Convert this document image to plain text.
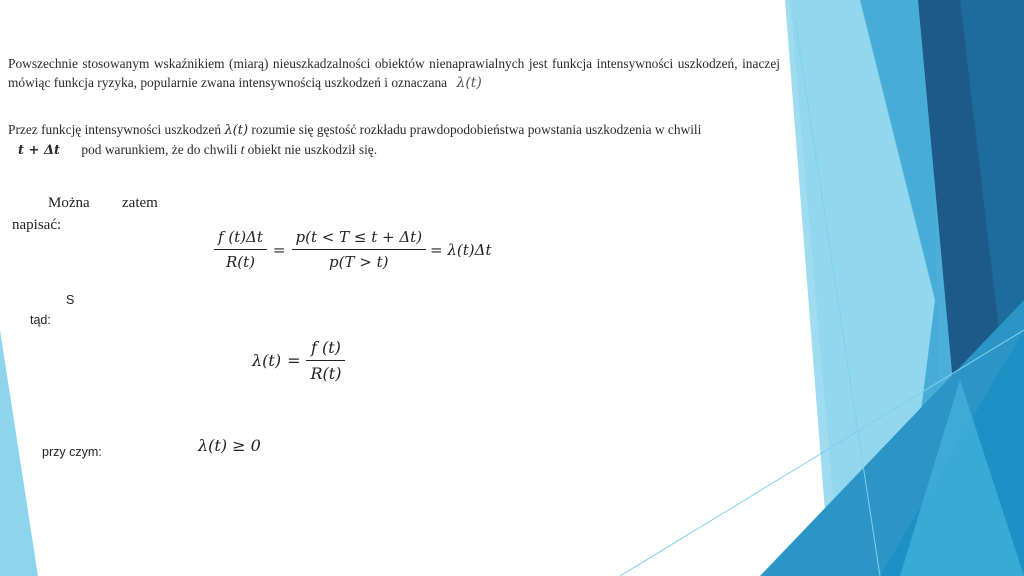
Powszechnie stosowanym wskaźnikiem (miarą) nieuszkadzalności obiektów nienaprawialnych jest funkcja intensywności uszkodzeń, inaczej mówiąc funkcja ryzyka, popularnie zwana intensywnością uszkodzeń i oznaczana λ(t)
Przez funkcję intensywności uszkodzeń λ(t) rozumie się gęstość rozkładu prawdopodobieństwa powstania uszkodzenia w chwili
t + Δt pod warunkiem, że do chwili t obiekt nie uszkodził się.
Można zatem
napisać:
$\frac{f (t)\Delta t}{R(t)} = \frac{p(t < T \le t + \Delta t)}{p(T > t)} = \lambda(t)\Delta t$
S
tąd:
$\lambda(t) = \frac{f (t)}{R(t)}$
przy czym:	λ(t) ≥ 0
